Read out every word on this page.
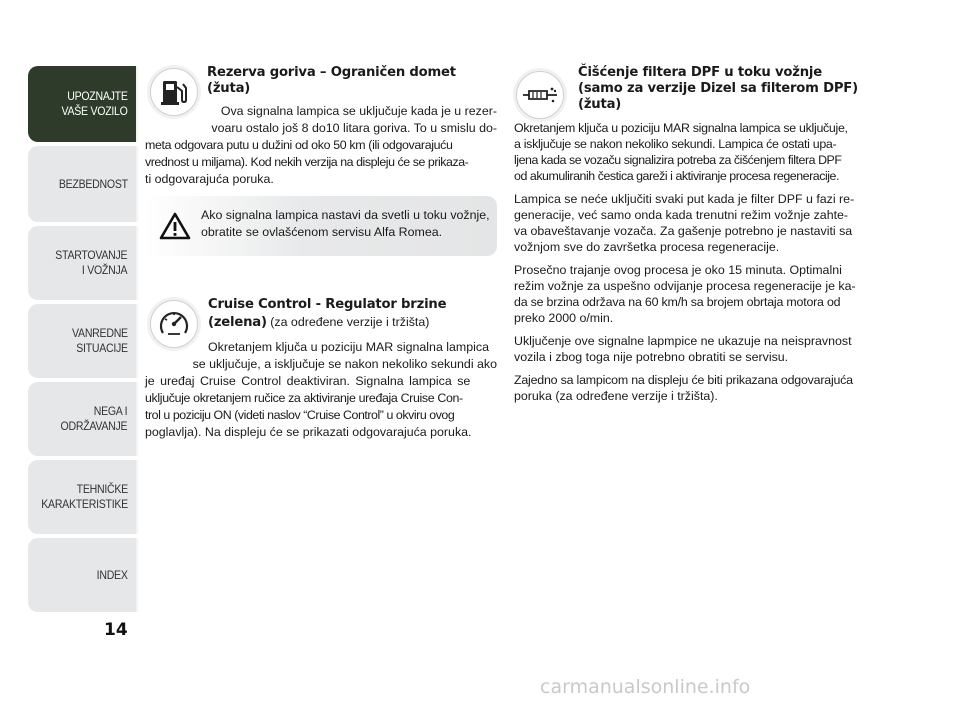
UPOZNAJTE
VAŠE VOZILO
BEZBEDNOST
STARTOVANJE
I VOŽNJA
VANREDNE
SITUACIJE
NEGA I
ODRŽAVANJE
TEHNIČKE
KARAKTERISTIKE
INDEX
14
Rezerva goriva – Ograničen domet
(žuta)

Ova signalna lampica se uključuje kada je u rezer-

voaru ostalo još 8 do10 litara goriva. To u smislu do-

meta odgovara putu u dužini od oko 50 km (ili odgovarajuću

vrednost u miljama). Kod nekih verzija na displeju će se prikaza-

ti odgovarajuća poruka.

Ako signalna lampica nastavi da svetli u toku vožnje,
obratite se ovlašćenom servisu Alfa Romea.
Cruise Control - Regulator brzine
(zelena) (za određene verzije i tržišta)

Okretanjem ključa u poziciju MAR signalna lampica

se uključuje, a isključuje se nakon nekoliko sekundi ako

je uređaj Cruise Control deaktiviran. Signalna lampica se

uključuje okretanjem ručice za aktiviranje uređaja Cruise Con-

trol u poziciju ON (videti naslov “Cruise Control” u okviru ovog

poglavlja). Na displeju će se prikazati odgovarajuća poruka.

Čišćenje filtera DPF u toku vožnje
(samo za verzije Dizel sa filterom DPF)
(žuta)
Okretanjem ključa u poziciju MAR signalna lampica se uključuje,
a isključuje se nakon nekoliko sekundi. Lampica će ostati upa-
ljena kada se vozaču signalizira potreba za čišćenjem filtera DPF
od akumuliranih čestica gareži i aktiviranje procesa regeneracije.
Lampica se neće uključiti svaki put kada je filter DPF u fazi re-
generacije, već samo onda kada trenutni režim vožnje zahte-
va obaveštavanje vozača. Za gašenje potrebno je nastaviti sa
vožnjom sve do završetka procesa regeneracije.
Prosečno trajanje ovog procesa je oko 15 minuta. Optimalni
režim vožnje za uspešno odvijanje procesa regeneracije je ka-
da se brzina održava na 60 km/h sa brojem obrtaja motora od
preko 2000 o/min.
Uključenje ove signalne lapmpice ne ukazuje na neispravnost
vozila i zbog toga nije potrebno obratiti se servisu.
Zajedno sa lampicom na displeju će biti prikazana odgovarajuća
poruka (za određene verzije i tržišta).
carmanualsonline.info
